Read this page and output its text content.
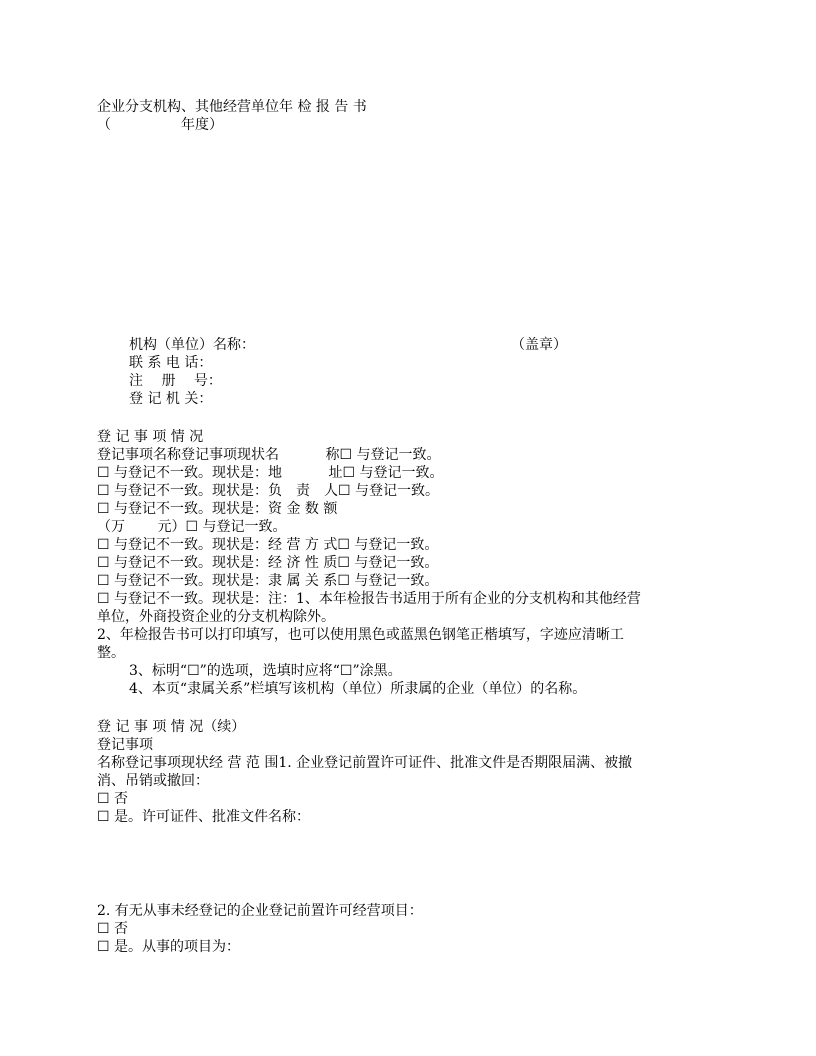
企业分支机构、其他经营单位年 检 报 告 书
（　　　　　年度）
机构（单位）名称：	（盖章）
联 系 电 话：
注　 册　 号：
登 记 机 关：
登 记 事 项 情 况
登记事项名称登记事项现状名　　　 称☐ 与登记一致。
☐ 与登记不一致。现状是：地　　　 址☐ 与登记一致。
☐ 与登记不一致。现状是：负　责　人☐ 与登记一致。
☐ 与登记不一致。现状是：资 金 数 额
（万　　 元）☐ 与登记一致。
☐ 与登记不一致。现状是：经 营 方 式☐ 与登记一致。
☐ 与登记不一致。现状是：经 济 性 质☐ 与登记一致。
☐ 与登记不一致。现状是：隶 属 关 系☐ 与登记一致。
☐ 与登记不一致。现状是：注：1、本年检报告书适用于所有企业的分支机构和其他经营
单位，外商投资企业的分支机构除外。
2、年检报告书可以打印填写，也可以使用黑色或蓝黑色钢笔正楷填写，字迹应清晰工
整。
3、标明“☐”的选项，选填时应将“☐”涂黑。
4、本页“隶属关系”栏填写该机构（单位）所隶属的企业（单位）的名称。
登 记 事 项 情 况（续）
登记事项
名称登记事项现状经 营 范 围1. 企业登记前置许可证件、批准文件是否期限届满、被撤
消、吊销或撤回：
☐ 否
☐ 是。许可证件、批准文件名称：
2. 有无从事未经登记的企业登记前置许可经营项目：
☐ 否
☐ 是。从事的项目为：
